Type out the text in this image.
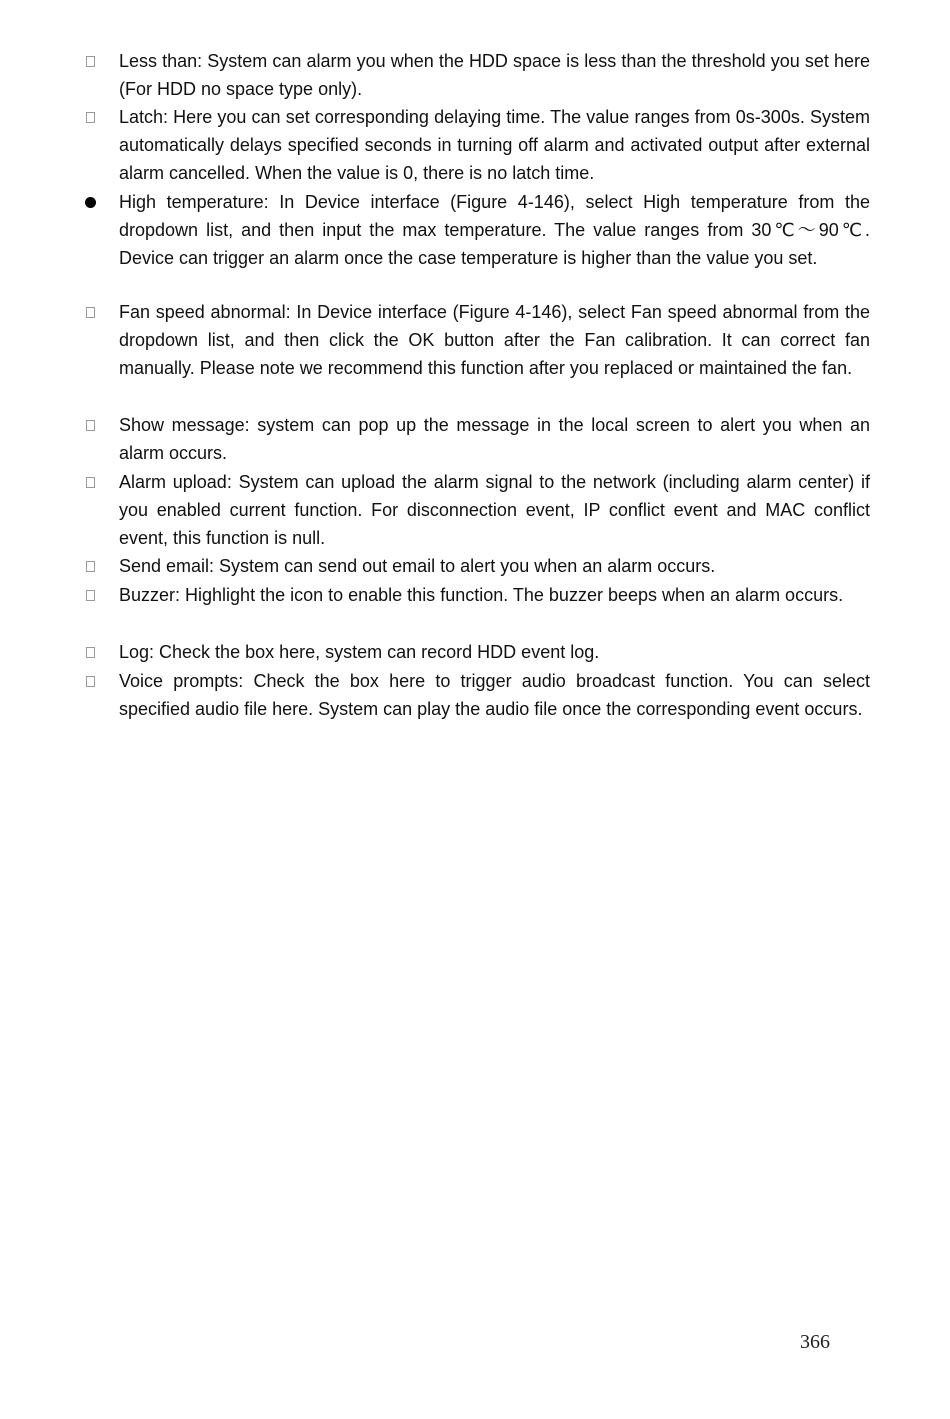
Less than: System can alarm you when the HDD space is less than the threshold you set here (For HDD no space type only).
Latch: Here you can set corresponding delaying time. The value ranges from 0s-300s. System automatically delays specified seconds in turning off alarm and activated output after external alarm cancelled. When the value is 0, there is no latch time.
High temperature: In Device interface (Figure 4-146), select High temperature from the dropdown list, and then input the max temperature. The value ranges from 30℃～90℃. Device can trigger an alarm once the case temperature is higher than the value you set.
Fan speed abnormal: In Device interface (Figure 4-146), select Fan speed abnormal from the dropdown list, and then click the OK button after the Fan calibration. It can correct fan manually. Please note we recommend this function after you replaced or maintained the fan.
Show message: system can pop up the message in the local screen to alert you when an alarm occurs.
Alarm upload: System can upload the alarm signal to the network (including alarm center) if you enabled current function. For disconnection event, IP conflict event and MAC conflict event, this function is null.
Send email: System can send out email to alert you when an alarm occurs.
Buzzer: Highlight the icon to enable this function. The buzzer beeps when an alarm occurs.
Log: Check the box here, system can record HDD event log.
Voice prompts: Check the box here to trigger audio broadcast function. You can select specified audio file here. System can play the audio file once the corresponding event occurs.
366
